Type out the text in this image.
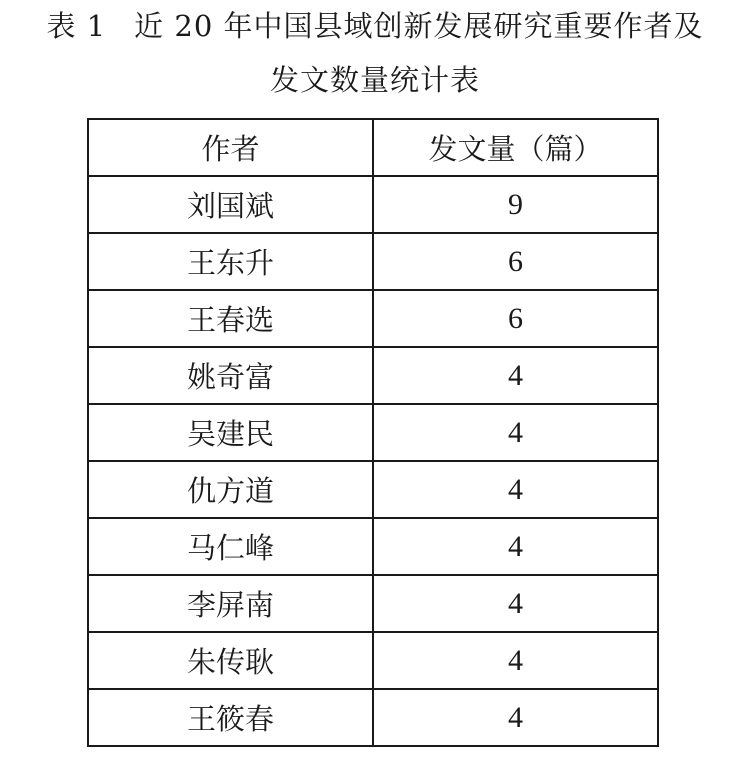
表 1 近 20 年中国县域创新发展研究重要作者及
发文数量统计表
作者	发文量（篇）
刘国斌	9
王东升	6
王春选	6
姚奇富	4
吴建民	4
仇方道	4
马仁峰	4
李屏南	4
朱传耿	4
王筱春	4
